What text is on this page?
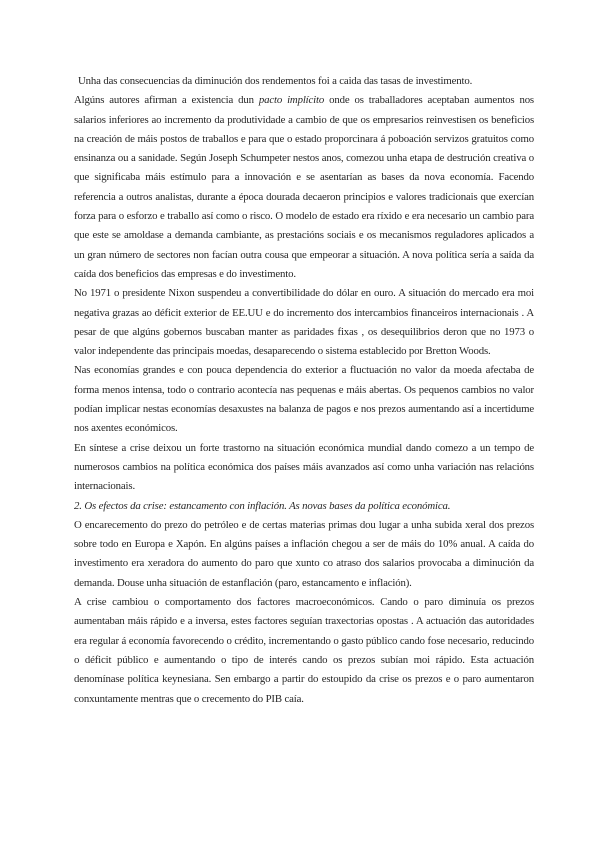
Unha das consecuencias da diminución dos rendementos foi a caida das tasas de investimento.

Algúns autores afirman a existencia dun pacto implícito onde os traballadores aceptaban aumentos nos salarios inferiores ao incremento da produtividade a cambio de que os empresarios reinvestisen os beneficios na creación de máis postos de traballos e para que o estado proporcinara á poboación servizos gratuitos como ensinanza ou a sanidade. Según Joseph Schumpeter nestos anos, comezou unha etapa de destrución creativa o que significaba máis estímulo para a innovación e se asentarían as bases da nova economía. Facendo referencia a outros analistas, durante a época dourada decaeron principios e valores tradicionais que exercían forza para o esforzo e traballo así como o risco. O modelo de estado era ríxido e era necesario un cambio para que este se amoldase a demanda cambiante, as prestacións sociais e os mecanismos reguladores aplicados a un gran número de sectores non facían outra cousa que empeorar a situación. A nova política sería a saída da caída dos beneficios das empresas e do investimento.

No 1971 o presidente Nixon suspendeu a convertibilidade do dólar en ouro. A situación do mercado era moi negativa grazas ao déficit exterior de EE.UU e do incremento dos intercambios financeiros internacionais . A pesar de que algúns gobernos buscaban manter as paridades fixas , os desequilibrios deron que no 1973 o valor independente das principais moedas, desaparecendo o sistema establecido por Bretton Woods.

Nas economías grandes e con pouca dependencia do exterior a fluctuación no valor da moeda afectaba de forma menos intensa, todo o contrario acontecía nas pequenas e máis abertas. Os pequenos cambios no valor podían implicar nestas economías desaxustes na balanza de pagos e nos prezos aumentando así a incertidume nos axentes económicos.

En síntese a crise deixou un forte trastorno na situación económica mundial dando comezo a un tempo de numerosos cambios na política económica dos países máis avanzados así como unha variación nas relacións internacionais.

2. Os efectos da crise: estancamento con inflación. As novas bases da política económica.

O encarecemento do prezo do petróleo e de certas materias primas dou lugar a unha subida xeral dos prezos sobre todo en Europa e Xapón. En algúns países a inflación chegou a ser de máis do 10% anual. A caída do investimento era xeradora do aumento do paro que xunto co atraso dos salarios provocaba a diminución da demanda. Douse unha situación de estanflación (paro, estancamento e inflación).

A crise cambiou o comportamento dos factores macroeconómicos. Cando o paro diminuía os prezos aumentaban máis rápido e a inversa, estes factores seguían traxectorias opostas . A actuación das autoridades era regular á economía favorecendo o crédito, incrementando o gasto público cando fose necesario, reducindo o déficit público e aumentando o tipo de interés cando os prezos subían moi rápido. Esta actuación denomínase política keynesiana. Sen embargo a partir do estoupido da crise os prezos e o paro aumentaron conxuntamente mentras que o crecemento do PIB caía.
